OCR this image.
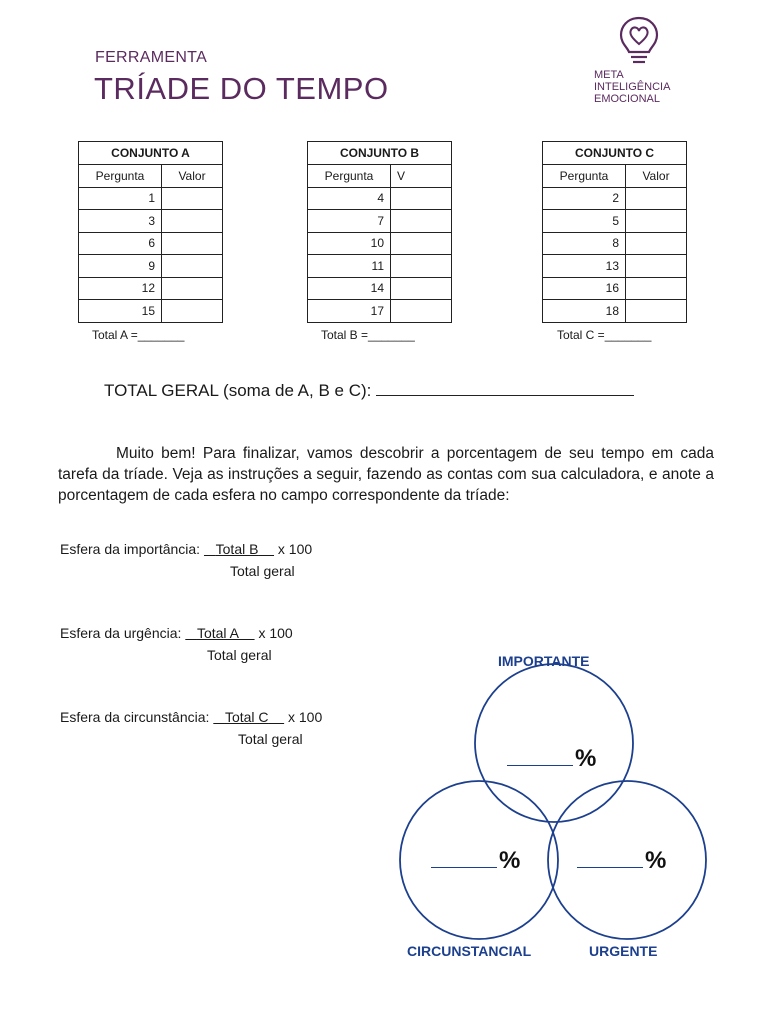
FERRAMENTA
TRÍADE DO TEMPO	META
INTELIGÊNCIA
EMOCIONAL
CONJUNTO A	
Pergunta	Valor
1	
3	
6	
9	
12	
15	
Total A =_______
CONJUNTO B	
Pergunta	V
4	
7	
10	
11	
14	
17	
Total B =_______
CONJUNTO C	
Pergunta	Valor
2	
5	
8	
13	
16	
18	
Total C =_______
TOTAL GERAL (soma de A, B e C):
Muito bem! Para finalizar, vamos descobrir a porcentagem de seu tempo em cada tarefa da tríade. Veja as instruções a seguir, fazendo as contas com sua calculadora, e anote a porcentagem de cada esfera no campo correspondente da tríade:
Esfera da importância: Total B x 100
Total geral
Esfera da urgência: Total A x 100
Total geral
Esfera da circunstância: Total C x 100
Total geral
IMPORTANTE
CIRCUNSTANCIAL	URGENTE
%
%	%
